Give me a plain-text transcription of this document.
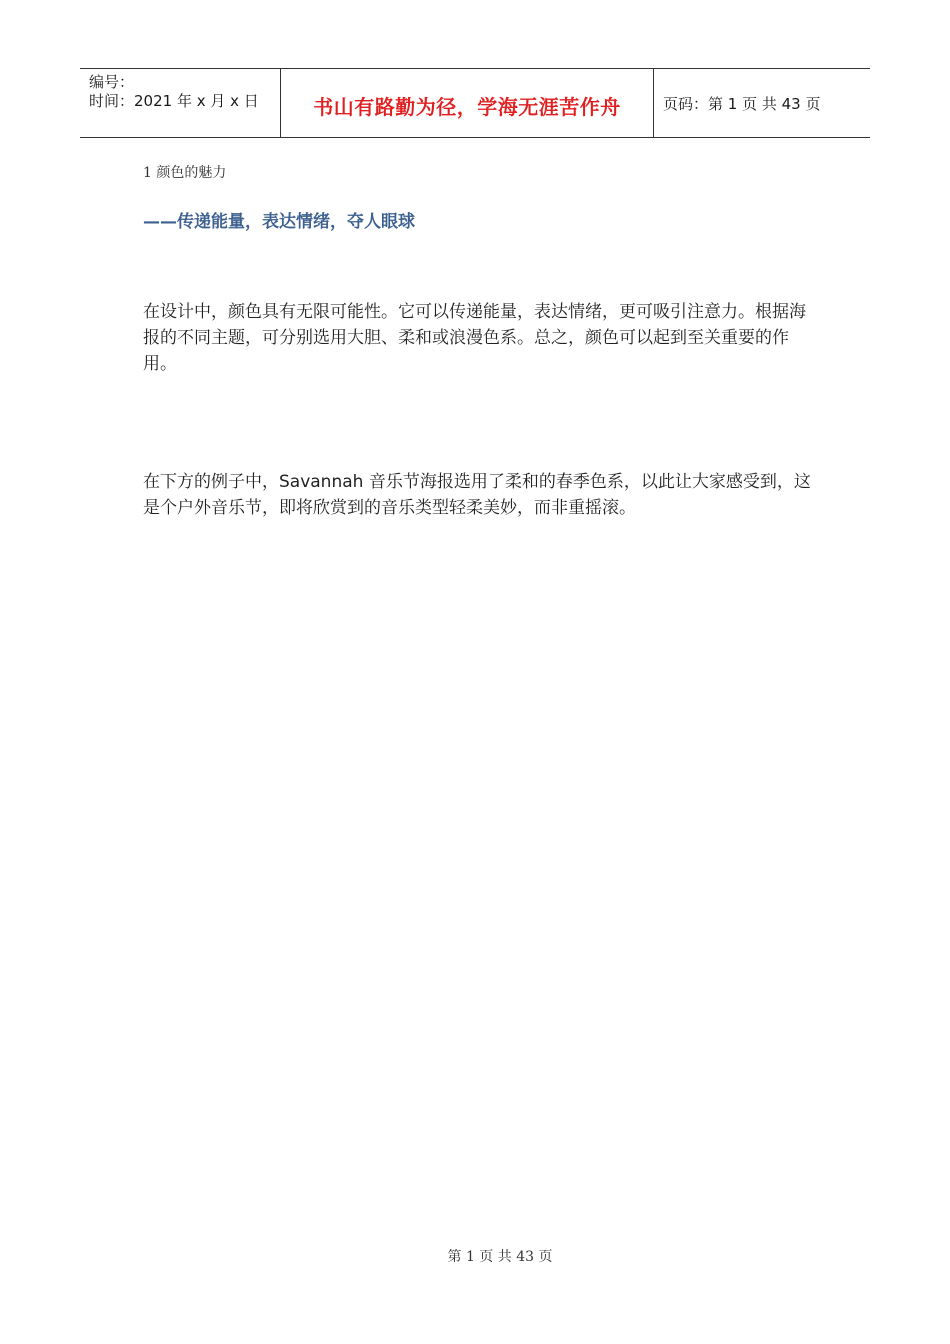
编号：
时间：2021 年 x 月 x 日	书山有路勤为径，学海无涯苦作舟	页码：第 1 页 共 43 页
1 颜色的魅力
——传递能量，表达情绪，夺人眼球
在设计中，颜色具有无限可能性。它可以传递能量，表达情绪，更可吸引注意力。根据海报的不同主题，可分别选用大胆、柔和或浪漫色系。总之，颜色可以起到至关重要的作用。
在下方的例子中，Savannah 音乐节海报选用了柔和的春季色系，以此让大家感受到，这是个户外音乐节，即将欣赏到的音乐类型轻柔美妙，而非重摇滚。
第 1 页 共 43 页
